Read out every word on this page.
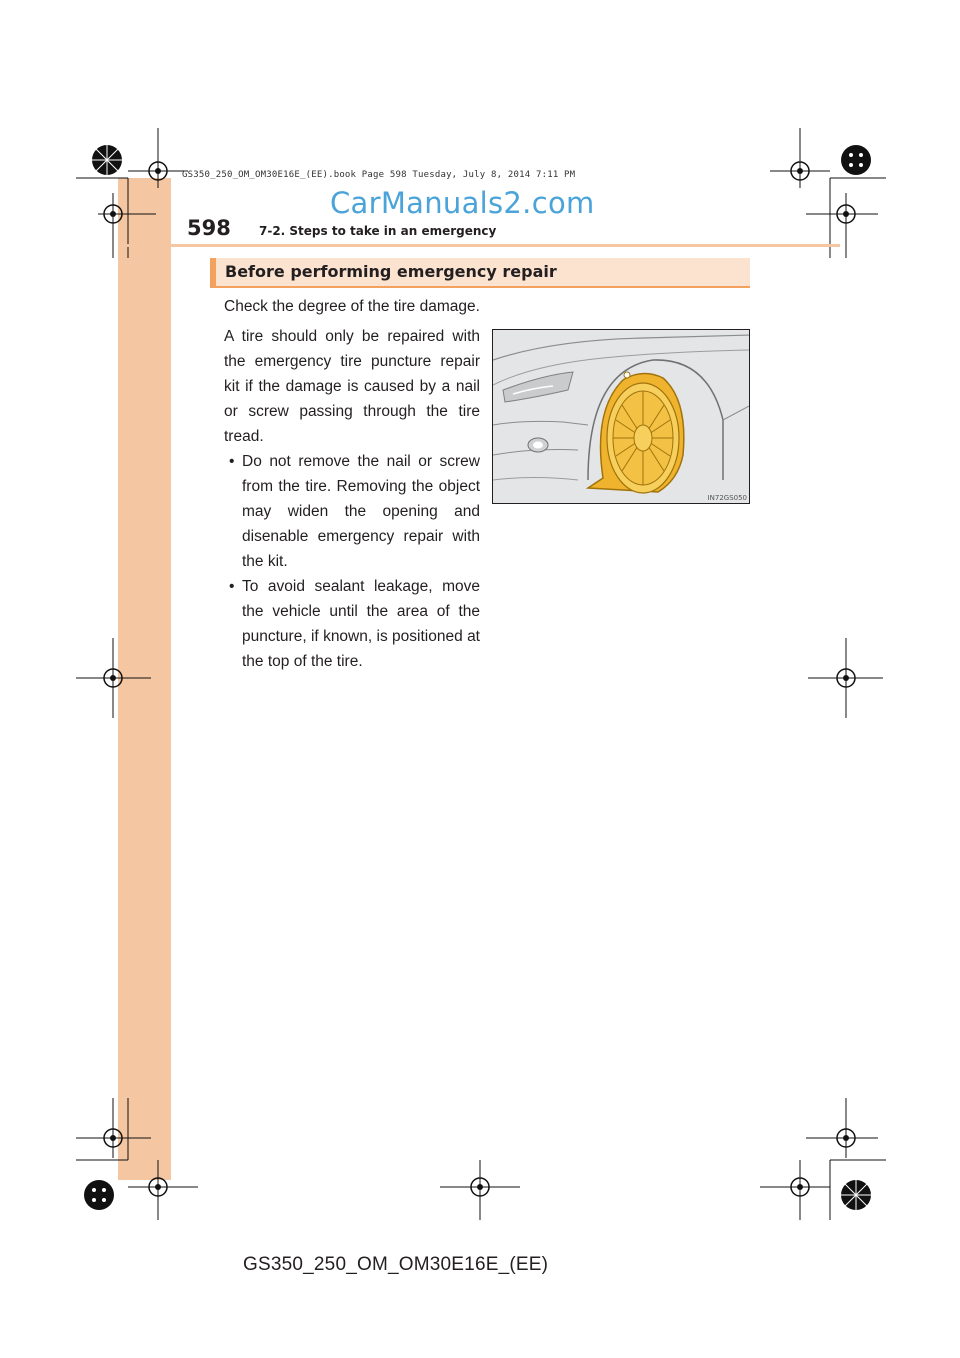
GS350_250_OM_OM30E16E_(EE).book Page 598 Tuesday, July 8, 2014 7:11 PM
CarManuals2.com
598 7-2. Steps to take in an emergency
Before performing emergency repair
Check the degree of the tire damage.

A tire should only be repaired with the emergency tire puncture repair kit if the damage is caused by a nail or screw passing through the tire tread.

• Do not remove the nail or screw from the tire. Removing the object may widen the opening and disenable emergency repair with the kit.
• To avoid sealant leakage, move the vehicle until the area of the puncture, if known, is positioned at the top of the tire.
IN72GS050
GS350_250_OM_OM30E16E_(EE)
